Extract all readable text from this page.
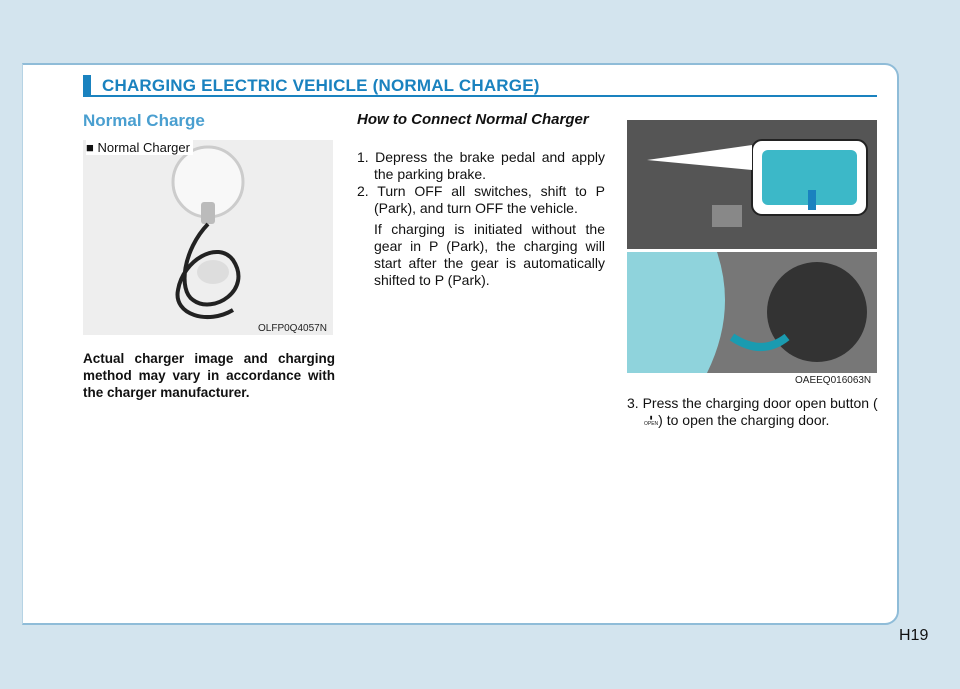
CHARGING ELECTRIC VEHICLE (NORMAL CHARGE)
Normal Charge
■ Normal Charger
OLFP0Q4057N
Actual charger image and charging method may vary in accordance with the charger manufacturer.
How to Connect Normal Charger
1. Depress the brake pedal and apply the parking brake.
2. Turn OFF all switches, shift to P (Park), and turn OFF the vehicle.
If charging is initiated without the gear in P (Park), the charging will start after the gear is automatically shifted to P (Park).
OAEEQ016063N
3. Press the charging door open button (▮
OPEN) to open the charging door.
H19
